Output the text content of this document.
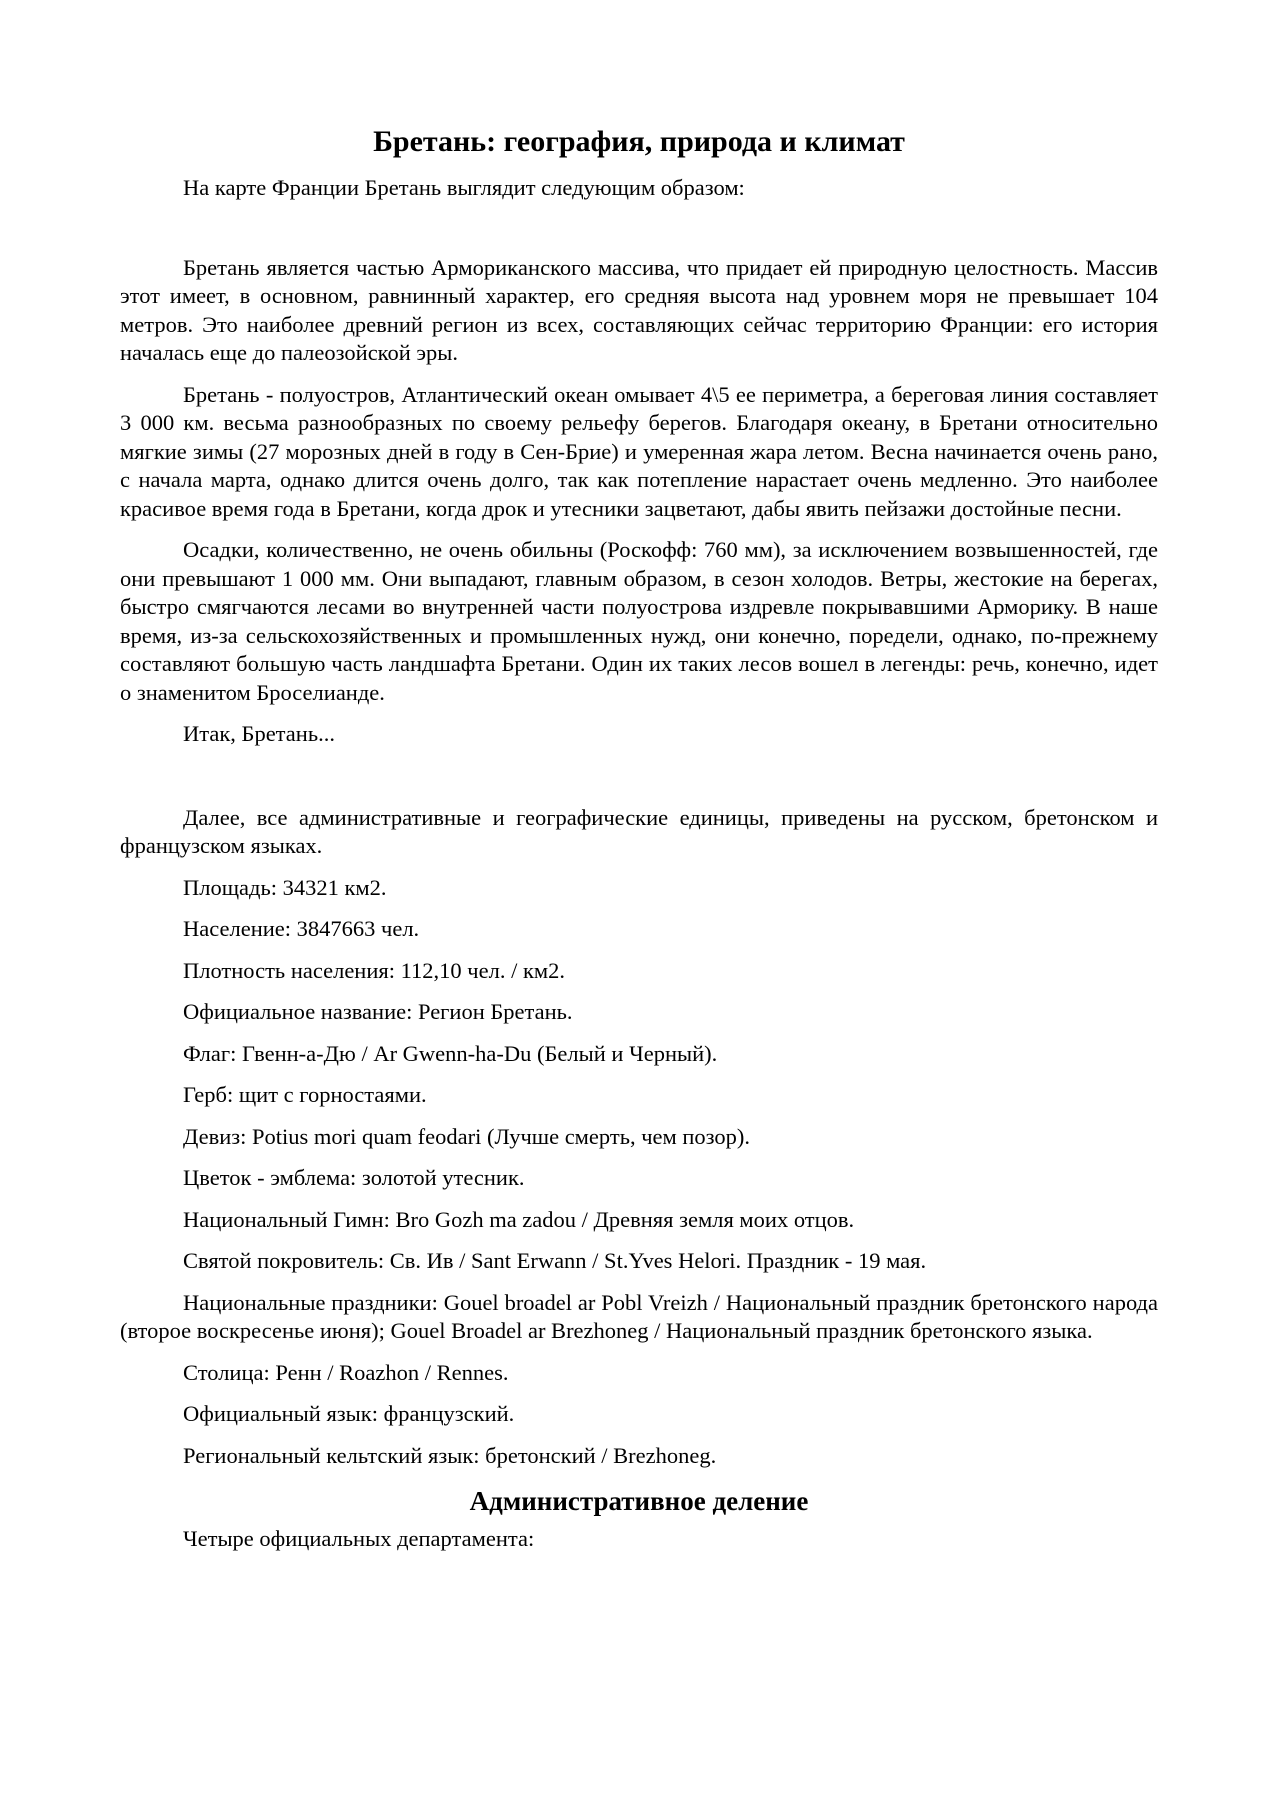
Бретань: география, природа и климат

На карте Франции Бретань выглядит следующим образом:

Бретань является частью Арморикaнского массива, что придает ей природную целостность. Массив этот имеет, в основном, равнинный характер, его средняя высота над уровнем моря не превышает 104 метров. Это наиболее древний регион из всех, составляющих сейчас территорию Франции: его история началась еще до палеозойской эры.

Бретань - полуостров, Атлантический океан омывает 4\5 ее периметра, а береговая линия составляет 3 000 км. весьма разнообразных по своему рельефу берегов. Благодаря океану, в Бретани относительно мягкие зимы (27 морозных дней в году в Сен-Брие) и умеренная жара летом. Весна начинается очень рано, с начала марта, однако длится очень долго, так как потепление нарастает очень медленно. Это наиболее красивое время года в Бретани, когда дрок и утесники зацветают, дабы явить пейзажи достойные песни.

Осадки, количественно, не очень обильны (Роскофф: 760 мм), за исключением возвышенностей, где они превышают 1 000 мм. Они выпадают, главным образом, в сезон холодов. Ветры, жестокие на берегах, быстро смягчаются лесами во внутренней части полуострова издревле покрывавшими Арморику. В наше время, из-за сельскохозяйственных и промышленных нужд, они конечно, поредели, однако, по-прежнему составляют большую часть ландшафта Бретани. Один их таких лесов вошел в легенды: речь, конечно, идет о знаменитом Броселианде.

Итак, Бретань...

Далее, все административные и географические единицы, приведены на русском, бретонском и французском языках.

Площадь: 34321 км2.

Население: 3847663 чел.

Плотность населения: 112,10 чел. / км2.

Официальное название: Регион Бретань.

Флаг: Гвенн-а-Дю / Ar Gwenn-ha-Du (Белый и Черный).

Герб: щит с горностаями.

Девиз: Potius mori quam feodari (Лучше смерть, чем позор).

Цветок - эмблема: золотой утесник.

Национальный Гимн: Bro Gozh ma zadou / Древняя земля моих отцов.

Святой покровитель: Св. Ив / Sant Erwann / St.Yves Helori. Праздник - 19 мая.

Национальные праздники: Gouel broadel ar Pobl Vreizh / Национальный праздник бретонского народа (второе воскресенье июня); Gouel Broadel ar Brezhoneg / Национальный праздник бретонского языка.

Столица: Ренн / Roazhon / Rennes.

Официальный язык: французский.

Региональный кельтский язык: бретонский / Brezhoneg.

Административное деление

Четыре официальных департамента:
